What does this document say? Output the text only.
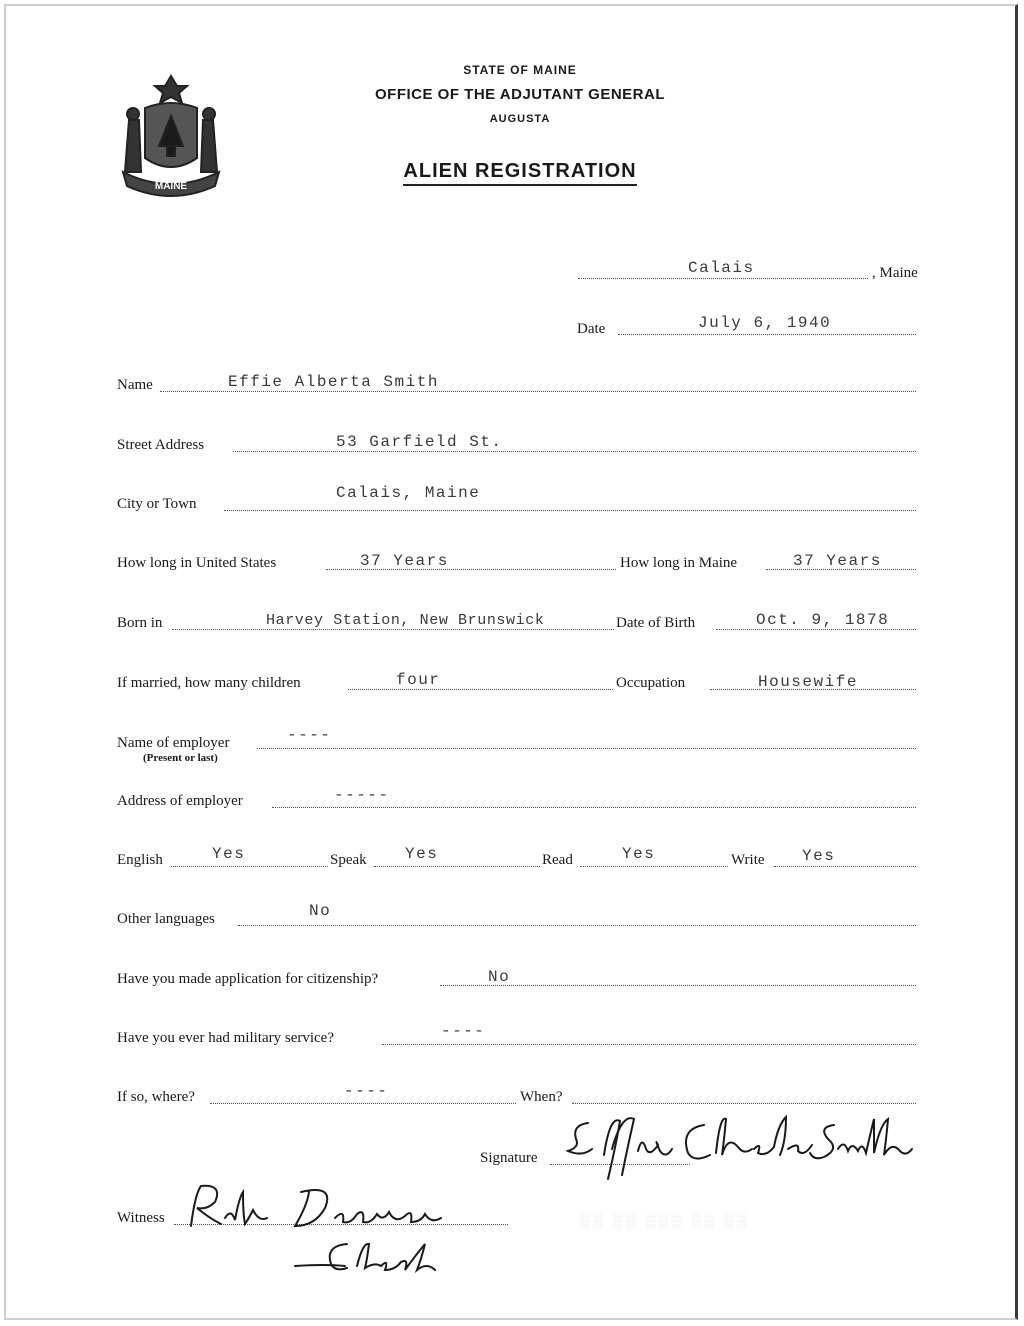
MAINE
STATE OF MAINE
OFFICE OF THE ADJUTANT GENERAL
AUGUSTA
ALIEN REGISTRATION
Calais	, Maine
Date	July 6, 1940
Name	Effie Alberta Smith
Street Address	53 Garfield St.
City or Town
Calais, Maine
How long in United States	37 Years	How long in Maine	37 Years
Born in	Harvey Station, New Brunswick	Date of Birth	Oct. 9, 1878
If married, how many children	four	Occupation	Housewife
Name of employer
(Present or last)
----
Address of employer	-----
English	Yes	Speak Yes	Read	Yes	Write Yes
Other languages	No
Have you made application for citizenship?	No
Have you ever had military service?	----
If so, where?	----	When?
Signature
Witness	▒▒ ▒▒ ▒▒▒ ▒▒ ▒▒
